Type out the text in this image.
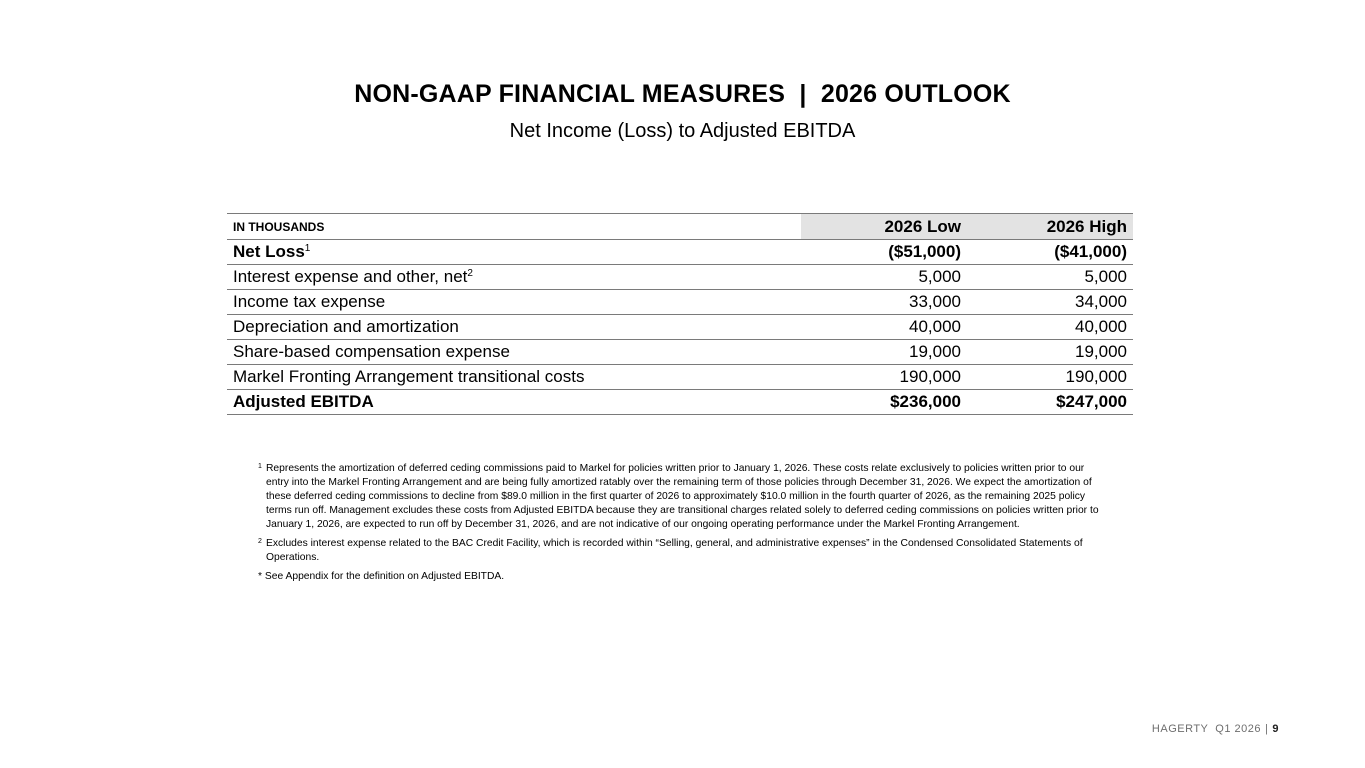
NON-GAAP FINANCIAL MEASURES  |  2026 OUTLOOK
Net Income (Loss) to Adjusted EBITDA
IN THOUSANDS	2026 Low	2026 High
Net Loss$^1$	($51,000)	($41,000)
Interest expense and other, net$^2$	5,000	5,000
Income tax expense	33,000	34,000
Depreciation and amortization	40,000	40,000
Share-based compensation expense	19,000	19,000
Markel Fronting Arrangement transitional costs	190,000	190,000
Adjusted EBITDA	$236,000	$247,000
1 Represents the amortization of deferred ceding commissions paid to Markel for policies written prior to January 1, 2026. These costs relate exclusively to policies written prior to our entry into the Markel Fronting Arrangement and are being fully amortized ratably over the remaining term of those policies through December 31, 2026. We expect the amortization of these deferred ceding commissions to decline from $89.0 million in the first quarter of 2026 to approximately $10.0 million in the fourth quarter of 2026, as the remaining 2025 policy terms run off. Management excludes these costs from Adjusted EBITDA because they are transitional charges related solely to deferred ceding commissions on policies written prior to January 1, 2026, are expected to run off by December 31, 2026, and are not indicative of our ongoing operating performance under the Markel Fronting Arrangement.
2 Excludes interest expense related to the BAC Credit Facility, which is recorded within “Selling, general, and administrative expenses” in the Condensed Consolidated Statements of Operations.
* See Appendix for the definition on Adjusted EBITDA.
HAGERTY  Q1 2026 | 9
